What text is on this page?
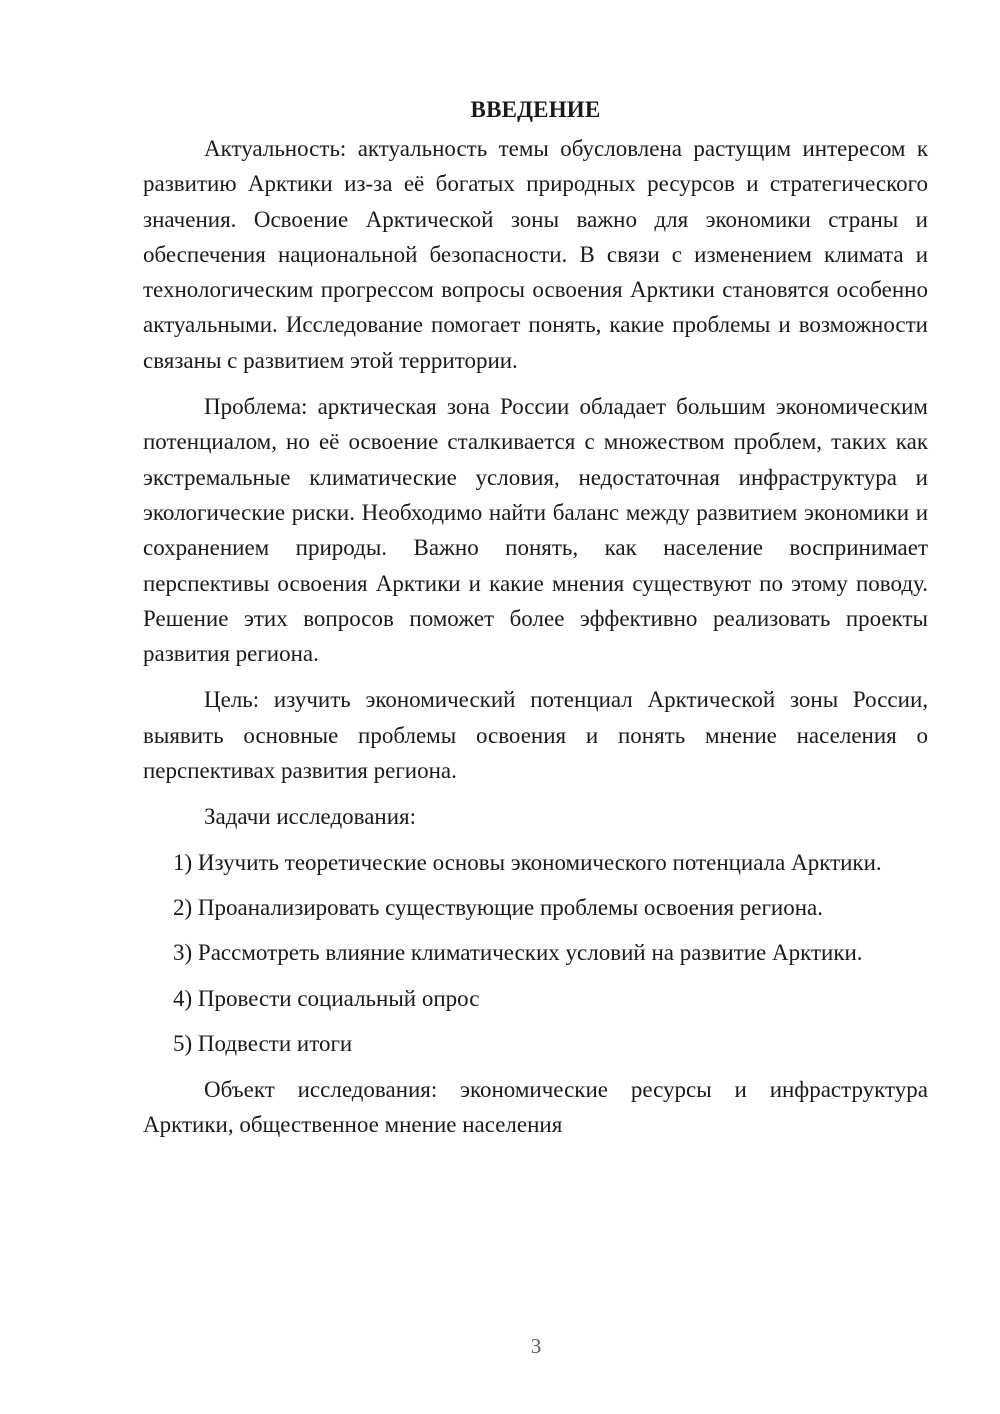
ВВЕДЕНИЕ

Актуальность: актуальность темы обусловлена растущим интересом к развитию Арктики из-за её богатых природных ресурсов и стратегического значения. Освоение Арктической зоны важно для экономики страны и обеспечения национальной безопасности. В связи с изменением климата и технологическим прогрессом вопросы освоения Арктики становятся особенно актуальными. Исследование помогает понять, какие проблемы и возможности связаны с развитием этой территории.

Проблема: арктическая зона России обладает большим экономическим потенциалом, но её освоение сталкивается с множеством проблем, таких как экстремальные климатические условия, недостаточная инфраструктура и экологические риски. Необходимо найти баланс между развитием экономики и сохранением природы. Важно понять, как население воспринимает перспективы освоения Арктики и какие мнения существуют по этому поводу. Решение этих вопросов поможет более эффективно реализовать проекты развития региона.

Цель: изучить экономический потенциал Арктической зоны России, выявить основные проблемы освоения и понять мнение населения о перспективах развития региона.

Задачи исследования:

1) Изучить теоретические основы экономического потенциала Арктики.

2) Проанализировать существующие проблемы освоения региона.

3) Рассмотреть влияние климатических условий на развитие Арктики.

4) Провести социальный опрос

5) Подвести итоги

Объект исследования: экономические ресурсы и инфраструктура Арктики, общественное мнение населения

3
